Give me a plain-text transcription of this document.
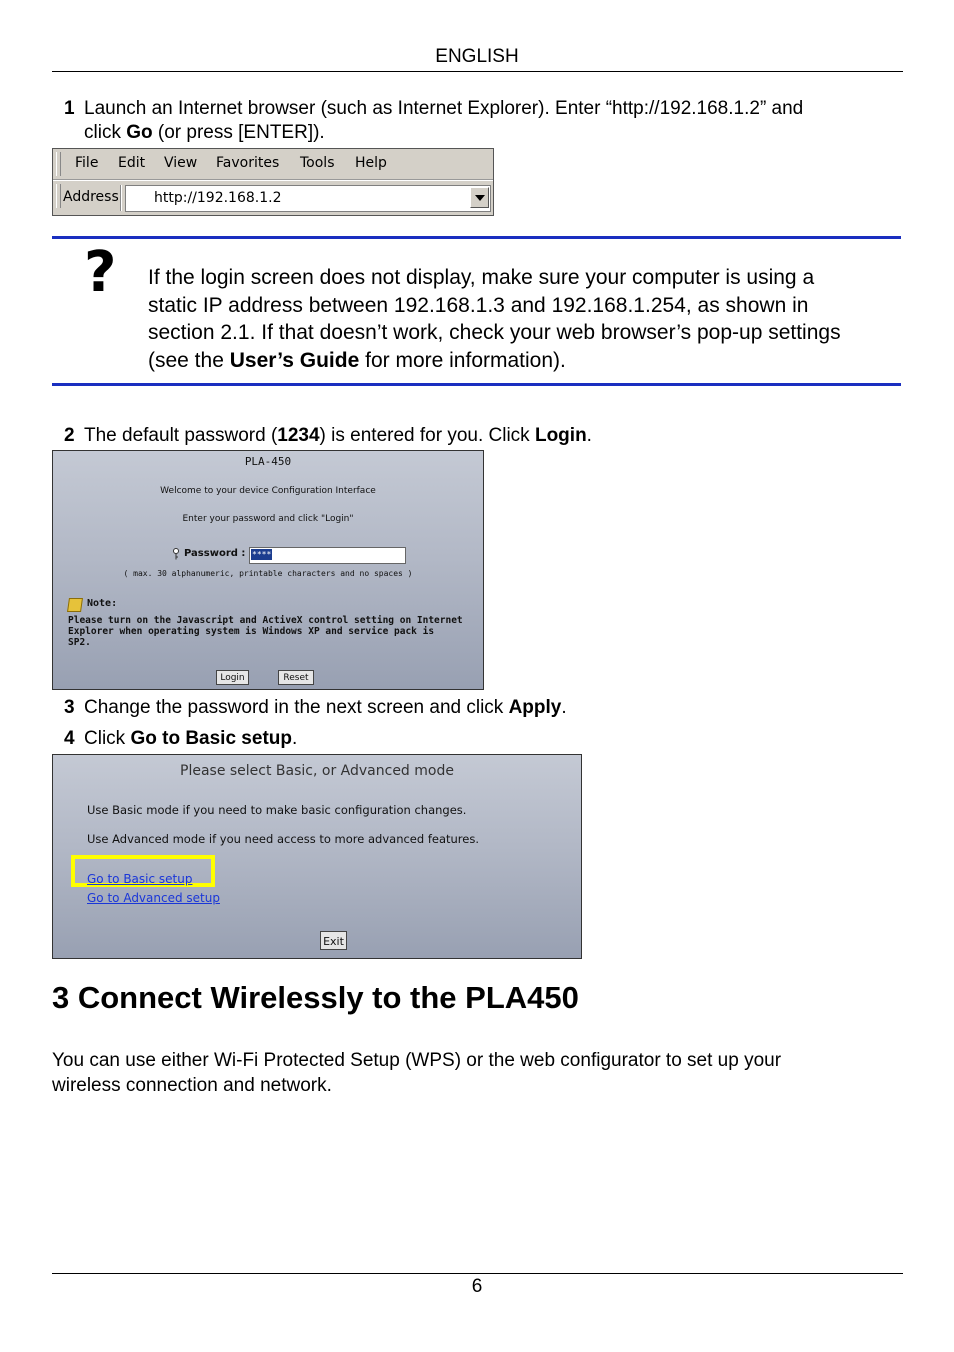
ENGLISH
1 Launch an Internet browser (such as Internet Explorer). Enter “http://192.168.1.2” and
click Go (or press [ENTER]).
File Edit View Favorites Tools Help
Address	http://192.168.1.2
? If the login screen does not display, make sure your computer is using a
static IP address between 192.168.1.3 and 192.168.1.254, as shown in
section 2.1. If that doesn’t work, check your web browser’s pop-up settings
(see the User’s Guide for more information).
2 The default password (1234) is entered for you. Click Login.
PLA-450
Welcome to your device Configuration Interface
Enter your password and click "Login"
Password : ****
( max. 30 alphanumeric, printable characters and no spaces )
Note:
Please turn on the Javascript and ActiveX control setting on Internet
Explorer when operating system is Windows XP and service pack is
SP2.
Login	Reset
3 Change the password in the next screen and click Apply.
4 Click Go to Basic setup.
Please select Basic, or Advanced mode
Use Basic mode if you need to make basic configuration changes.
Use Advanced mode if you need access to more advanced features.
Go to Basic setup
Go to Advanced setup
Exit
3 Connect Wirelessly to the PLA450
You can use either Wi-Fi Protected Setup (WPS) or the web configurator to set up your
wireless connection and network.
6
